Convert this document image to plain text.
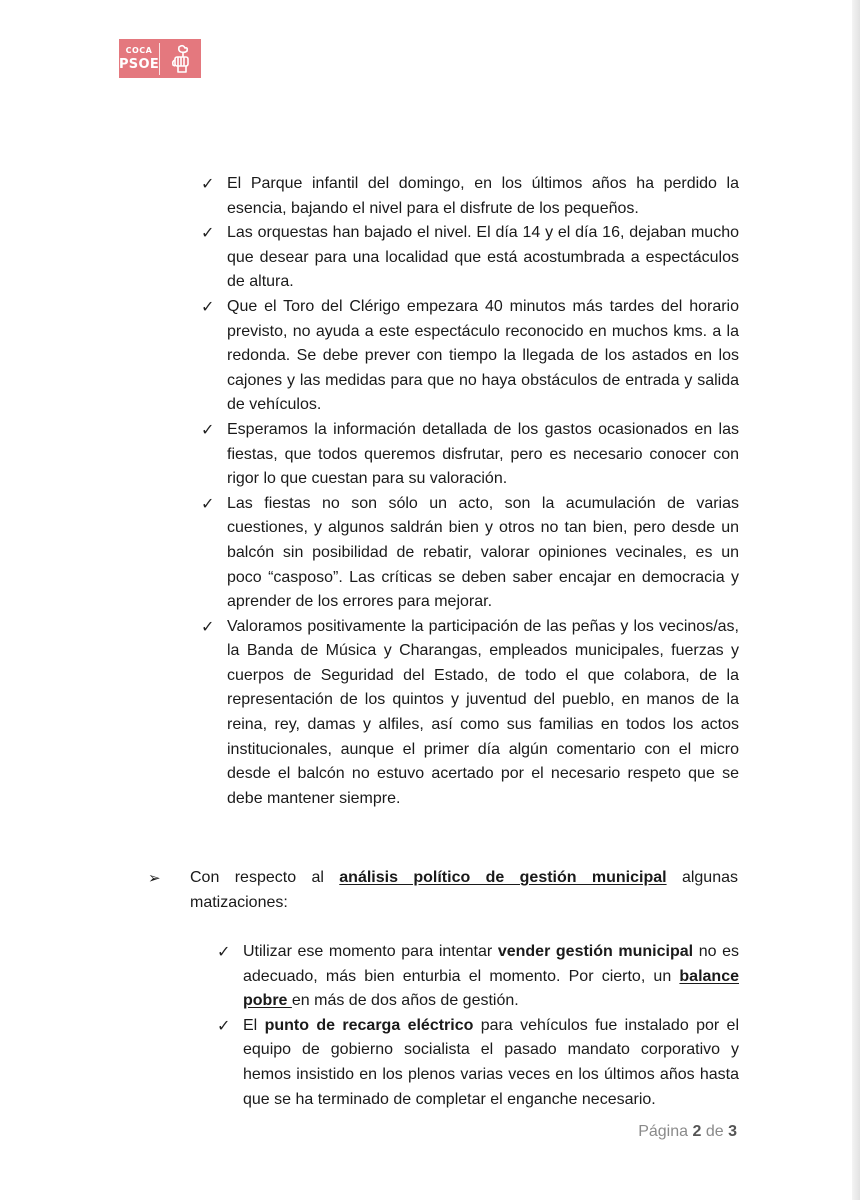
COCA
PSOE
✓ El Parque infantil del domingo, en los últimos años ha perdido la esencia, bajando el nivel para el disfrute de los pequeños.
✓ Las orquestas han bajado el nivel. El día 14 y el día 16, dejaban mucho que desear para una localidad que está acostumbrada a espectáculos de altura.
✓ Que el Toro del Clérigo empezara 40 minutos más tardes del horario previsto, no ayuda a este espectáculo reconocido en muchos kms. a la redonda. Se debe prever con tiempo la llegada de los astados en los cajones y las medidas para que no haya obstáculos de entrada y salida de vehículos.
✓ Esperamos la información detallada de los gastos ocasionados en las fiestas, que todos queremos disfrutar, pero es necesario conocer con rigor lo que cuestan para su valoración.
✓ Las fiestas no son sólo un acto, son la acumulación de varias cuestiones, y algunos saldrán bien y otros no tan bien, pero desde un balcón sin posibilidad de rebatir, valorar opiniones vecinales, es un poco “casposo”. Las críticas se deben saber encajar en democracia y aprender de los errores para mejorar.
✓ Valoramos positivamente la participación de las peñas y los vecinos/as, la Banda de Música y Charangas, empleados municipales, fuerzas y cuerpos de Seguridad del Estado, de todo el que colabora, de la representación de los quintos y juventud del pueblo, en manos de la reina, rey, damas y alfiles, así como sus familias en todos los actos institucionales, aunque el primer día algún comentario con el micro desde el balcón no estuvo acertado por el necesario respeto que se debe mantener siempre.
➢ Con respecto al análisis político de gestión municipal algunas matizaciones:
✓ Utilizar ese momento para intentar vender gestión municipal no es adecuado, más bien enturbia el momento. Por cierto, un balance pobre en más de dos años de gestión.
✓ El punto de recarga eléctrico para vehículos fue instalado por el equipo de gobierno socialista el pasado mandato corporativo y hemos insistido en los plenos varias veces en los últimos años hasta que se ha terminado de completar el enganche necesario.
Página 2 de 3
